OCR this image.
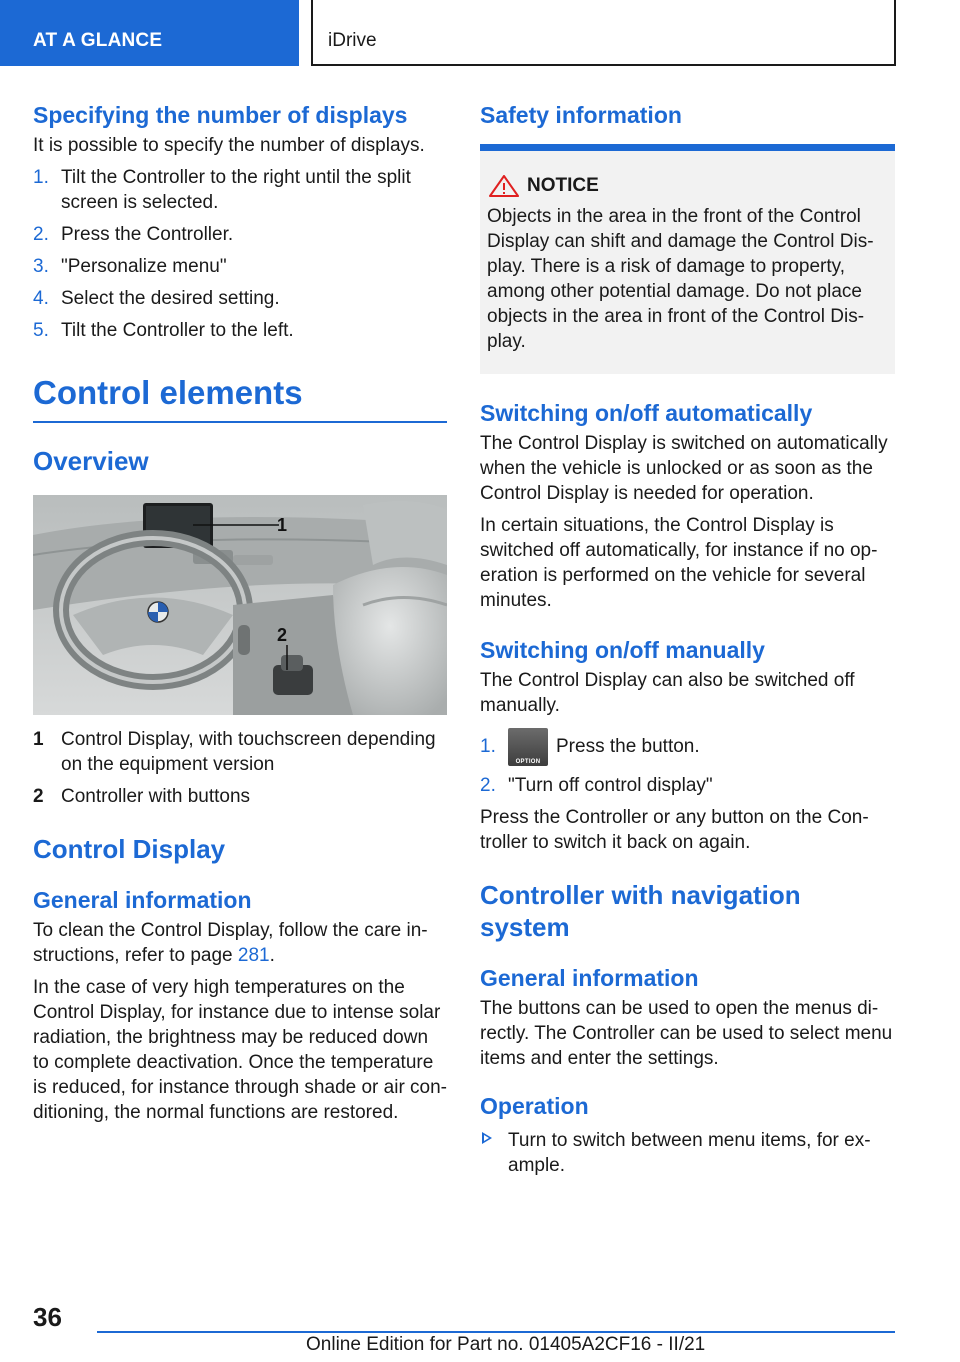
AT A GLANCE	iDrive
Specifying the number of displays
It is possible to specify the number of displays.
1. Tilt the Controller to the right until the split screen is selected.
2. Press the Controller.
3. "Personalize menu"
4. Select the desired setting.
5. Tilt the Controller to the left.
Control elements
Overview
1
2
1 Control Display, with touchscreen depending on the equipment version
2 Controller with buttons
Control Display
General information
To clean the Control Display, follow the care in-structions, refer to page 281.
In the case of very high temperatures on the Control Display, for instance due to intense solar radiation, the brightness may be reduced down to complete deactivation. Once the temperature is reduced, for instance through shade or air con-ditioning, the normal functions are restored.
Safety information
NOTICE
Objects in the area in the front of the Control Display can shift and damage the Control Dis-play. There is a risk of damage to property, among other potential damage. Do not place objects in the area in front of the Control Dis-play.
Switching on/off automatically
The Control Display is switched on automatically when the vehicle is unlocked or as soon as the Control Display is needed for operation.
In certain situations, the Control Display is switched off automatically, for instance if no op-eration is performed on the vehicle for several minutes.
Switching on/off manually
The Control Display can also be switched off manually.
1.
OPTION
Press the button.
2. "Turn off control display"
Press the Controller or any button on the Con-troller to switch it back on again.
Controller with navigation system
General information
The buttons can be used to open the menus di-rectly. The Controller can be used to select menu items and enter the settings.
Operation
Turn to switch between menu items, for ex-ample.
36
Online Edition for Part no. 01405A2CF16 - II/21
